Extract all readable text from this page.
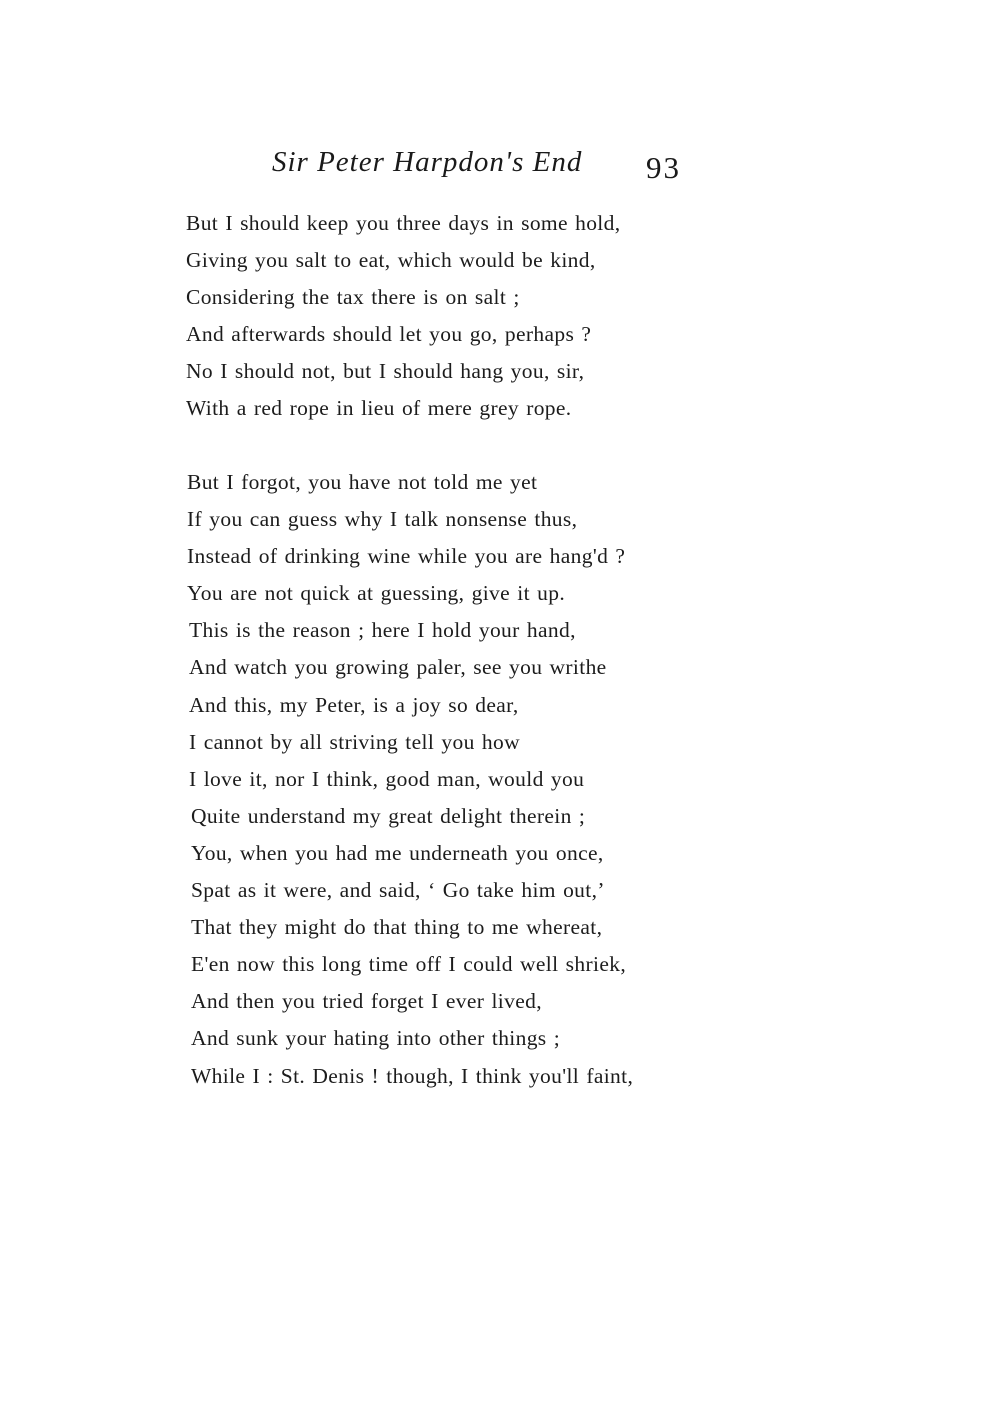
Sir Peter Harpdon's End 93
But I should keep you three days in some hold,
Giving you salt to eat, which would be kind,
Considering the tax there is on salt ;
And afterwards should let you go, perhaps ?
No I should not, but I should hang you, sir,
With a red rope in lieu of mere grey rope.
But I forgot, you have not told me yet
If you can guess why I talk nonsense thus,
Instead of drinking wine while you are hang'd ?
You are not quick at guessing, give it up.
This is the reason ; here I hold your hand,
And watch you growing paler, see you writhe
And this, my Peter, is a joy so dear,
I cannot by all striving tell you how
I love it, nor I think, good man, would you
Quite understand my great delight therein ;
You, when you had me underneath you once,
Spat as it were, and said, ‘ Go take him out,’
That they might do that thing to me whereat,
E'en now this long time off I could well shriek,
And then you tried forget I ever lived,
And sunk your hating into other things ;
While I : St. Denis ! though, I think you'll faint,
